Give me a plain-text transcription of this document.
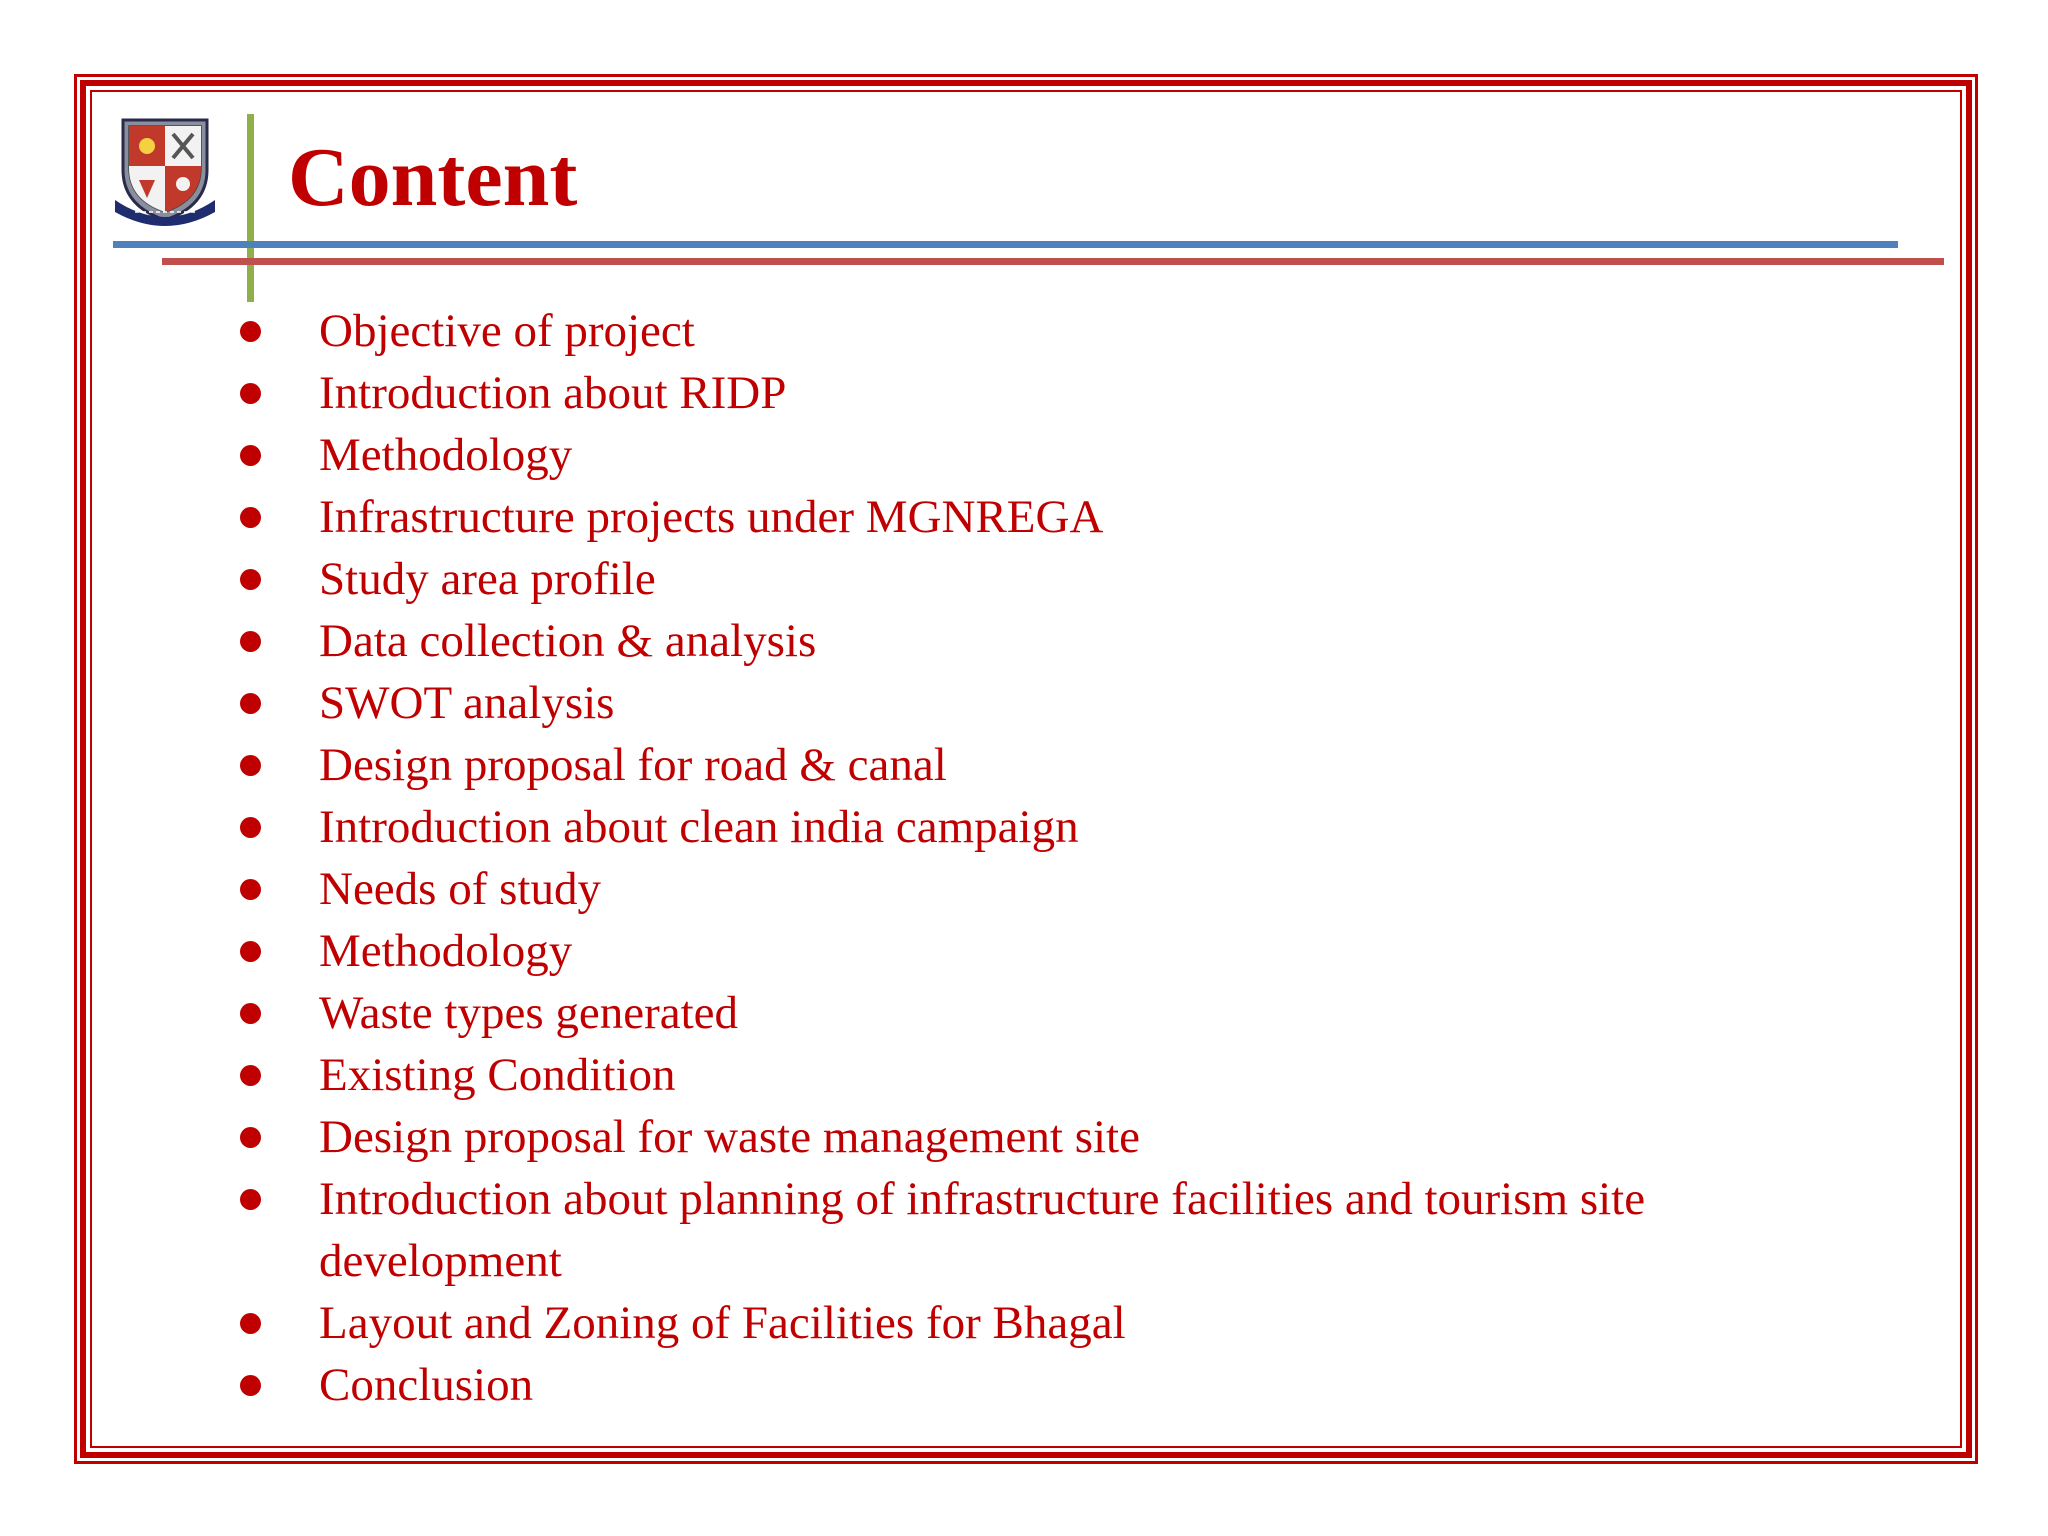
Content
Objective of project
Introduction about RIDP
Methodology
Infrastructure projects under MGNREGA
Study area profile
Data collection & analysis
SWOT analysis
Design proposal for road & canal
Introduction about clean india campaign
Needs of study
Methodology
Waste types generated
Existing Condition
Design proposal for waste management site
Introduction about planning of infrastructure facilities and tourism site development
Layout and Zoning of Facilities for Bhagal
Conclusion
